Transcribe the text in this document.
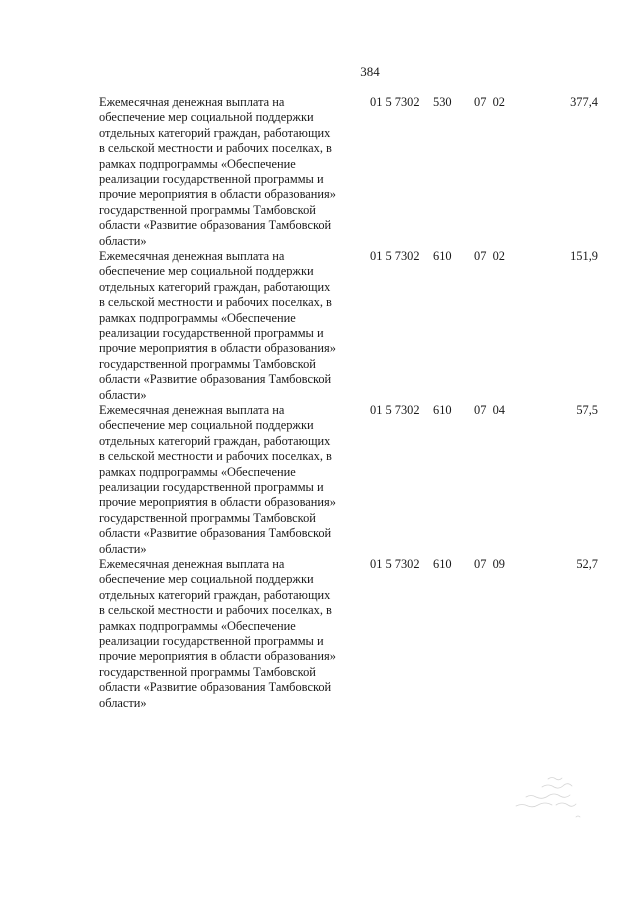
384
Ежемесячная денежная выплата на
обеспечение мер социальной поддержки
отдельных категорий граждан, работающих
в сельской местности и рабочих поселках, в
рамках подпрограммы «Обеспечение
реализации государственной программы и
прочие мероприятия в области образования»
государственной программы Тамбовской
области «Развитие образования Тамбовской
области»
01 5 7302 530 07  02	377,4
Ежемесячная денежная выплата на
обеспечение мер социальной поддержки
отдельных категорий граждан, работающих
в сельской местности и рабочих поселках, в
рамках подпрограммы «Обеспечение
реализации государственной программы и
прочие мероприятия в области образования»
государственной программы Тамбовской
области «Развитие образования Тамбовской
области»
01 5 7302 610 07  02	151,9
Ежемесячная денежная выплата на
обеспечение мер социальной поддержки
отдельных категорий граждан, работающих
в сельской местности и рабочих поселках, в
рамках подпрограммы «Обеспечение
реализации государственной программы и
прочие мероприятия в области образования»
государственной программы Тамбовской
области «Развитие образования Тамбовской
области»
01 5 7302 610 07  04	57,5
Ежемесячная денежная выплата на
обеспечение мер социальной поддержки
отдельных категорий граждан, работающих
в сельской местности и рабочих поселках, в
рамках подпрограммы «Обеспечение
реализации государственной программы и
прочие мероприятия в области образования»
государственной программы Тамбовской
области «Развитие образования Тамбовской
области»
01 5 7302 610 07  09	52,7
